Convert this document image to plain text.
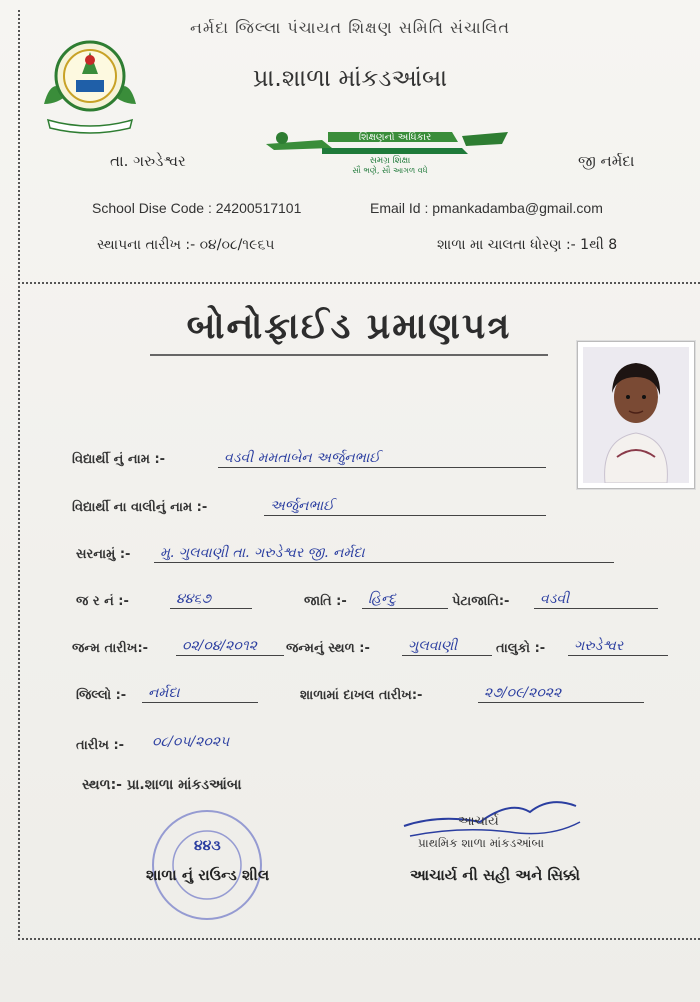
નર્મદા જિલ્લા પંચાયત શિક્ષણ સમિતિ સંચાલિત
પ્રા.શાળા માંકડઆંબા
શિક્ષણનો અધિકાર
સમગ્ર શિક્ષા
સૌ ભણે, સૌ આગળ વધે
તા. ગરુડેશ્વર	જી નર્મદા
School Dise Code : 24200517101	Email Id : pmankadamba@gmail.com
સ્થાપના તારીખ :- ૦૪/૦૮/૧૯૬૫	શાળા મા ચાલતા ધોરણ :- 1થી 8
બોનોફાઈડ પ્રમાણપત્ર
વિદ્યાર્થી નું નામ :-	વડવી મમતાબેન અર્જુનભાઈ
વિદ્યાર્થી ના વાલીનું નામ :-	અર્જુનભાઈ
સરનામું :-	મુ. ગુલવાણી તા. ગરુડેશ્વર જી. નર્મદા
જ ર નં :-	૪૪૬૭	જાતિ :-	હિન્દુ	પેટાજાતિ:-	વડવી
જન્મ તારીખ:-	૦૨/૦૪/૨૦૧૨	જન્મનું સ્થળ :-	ગુલવાણી	તાલુકો :-	ગરુડેશ્વર
જિલ્લો :-	નર્મદા	શાળામાં દાખલ તારીખ:-	૨૭/૦૯/૨૦૨૨
તારીખ :-	૦૮/૦૫/૨૦૨૫
સ્થળ:- પ્રા.શાળા માંકડઆંબા
૪૪૩
શાળા નું રાઉન્ડ શીલ
આચાર્ય
પ્રાથમિક શાળા માંકડઆંબા
આચાર્ય ની સહી અને સિક્કો
